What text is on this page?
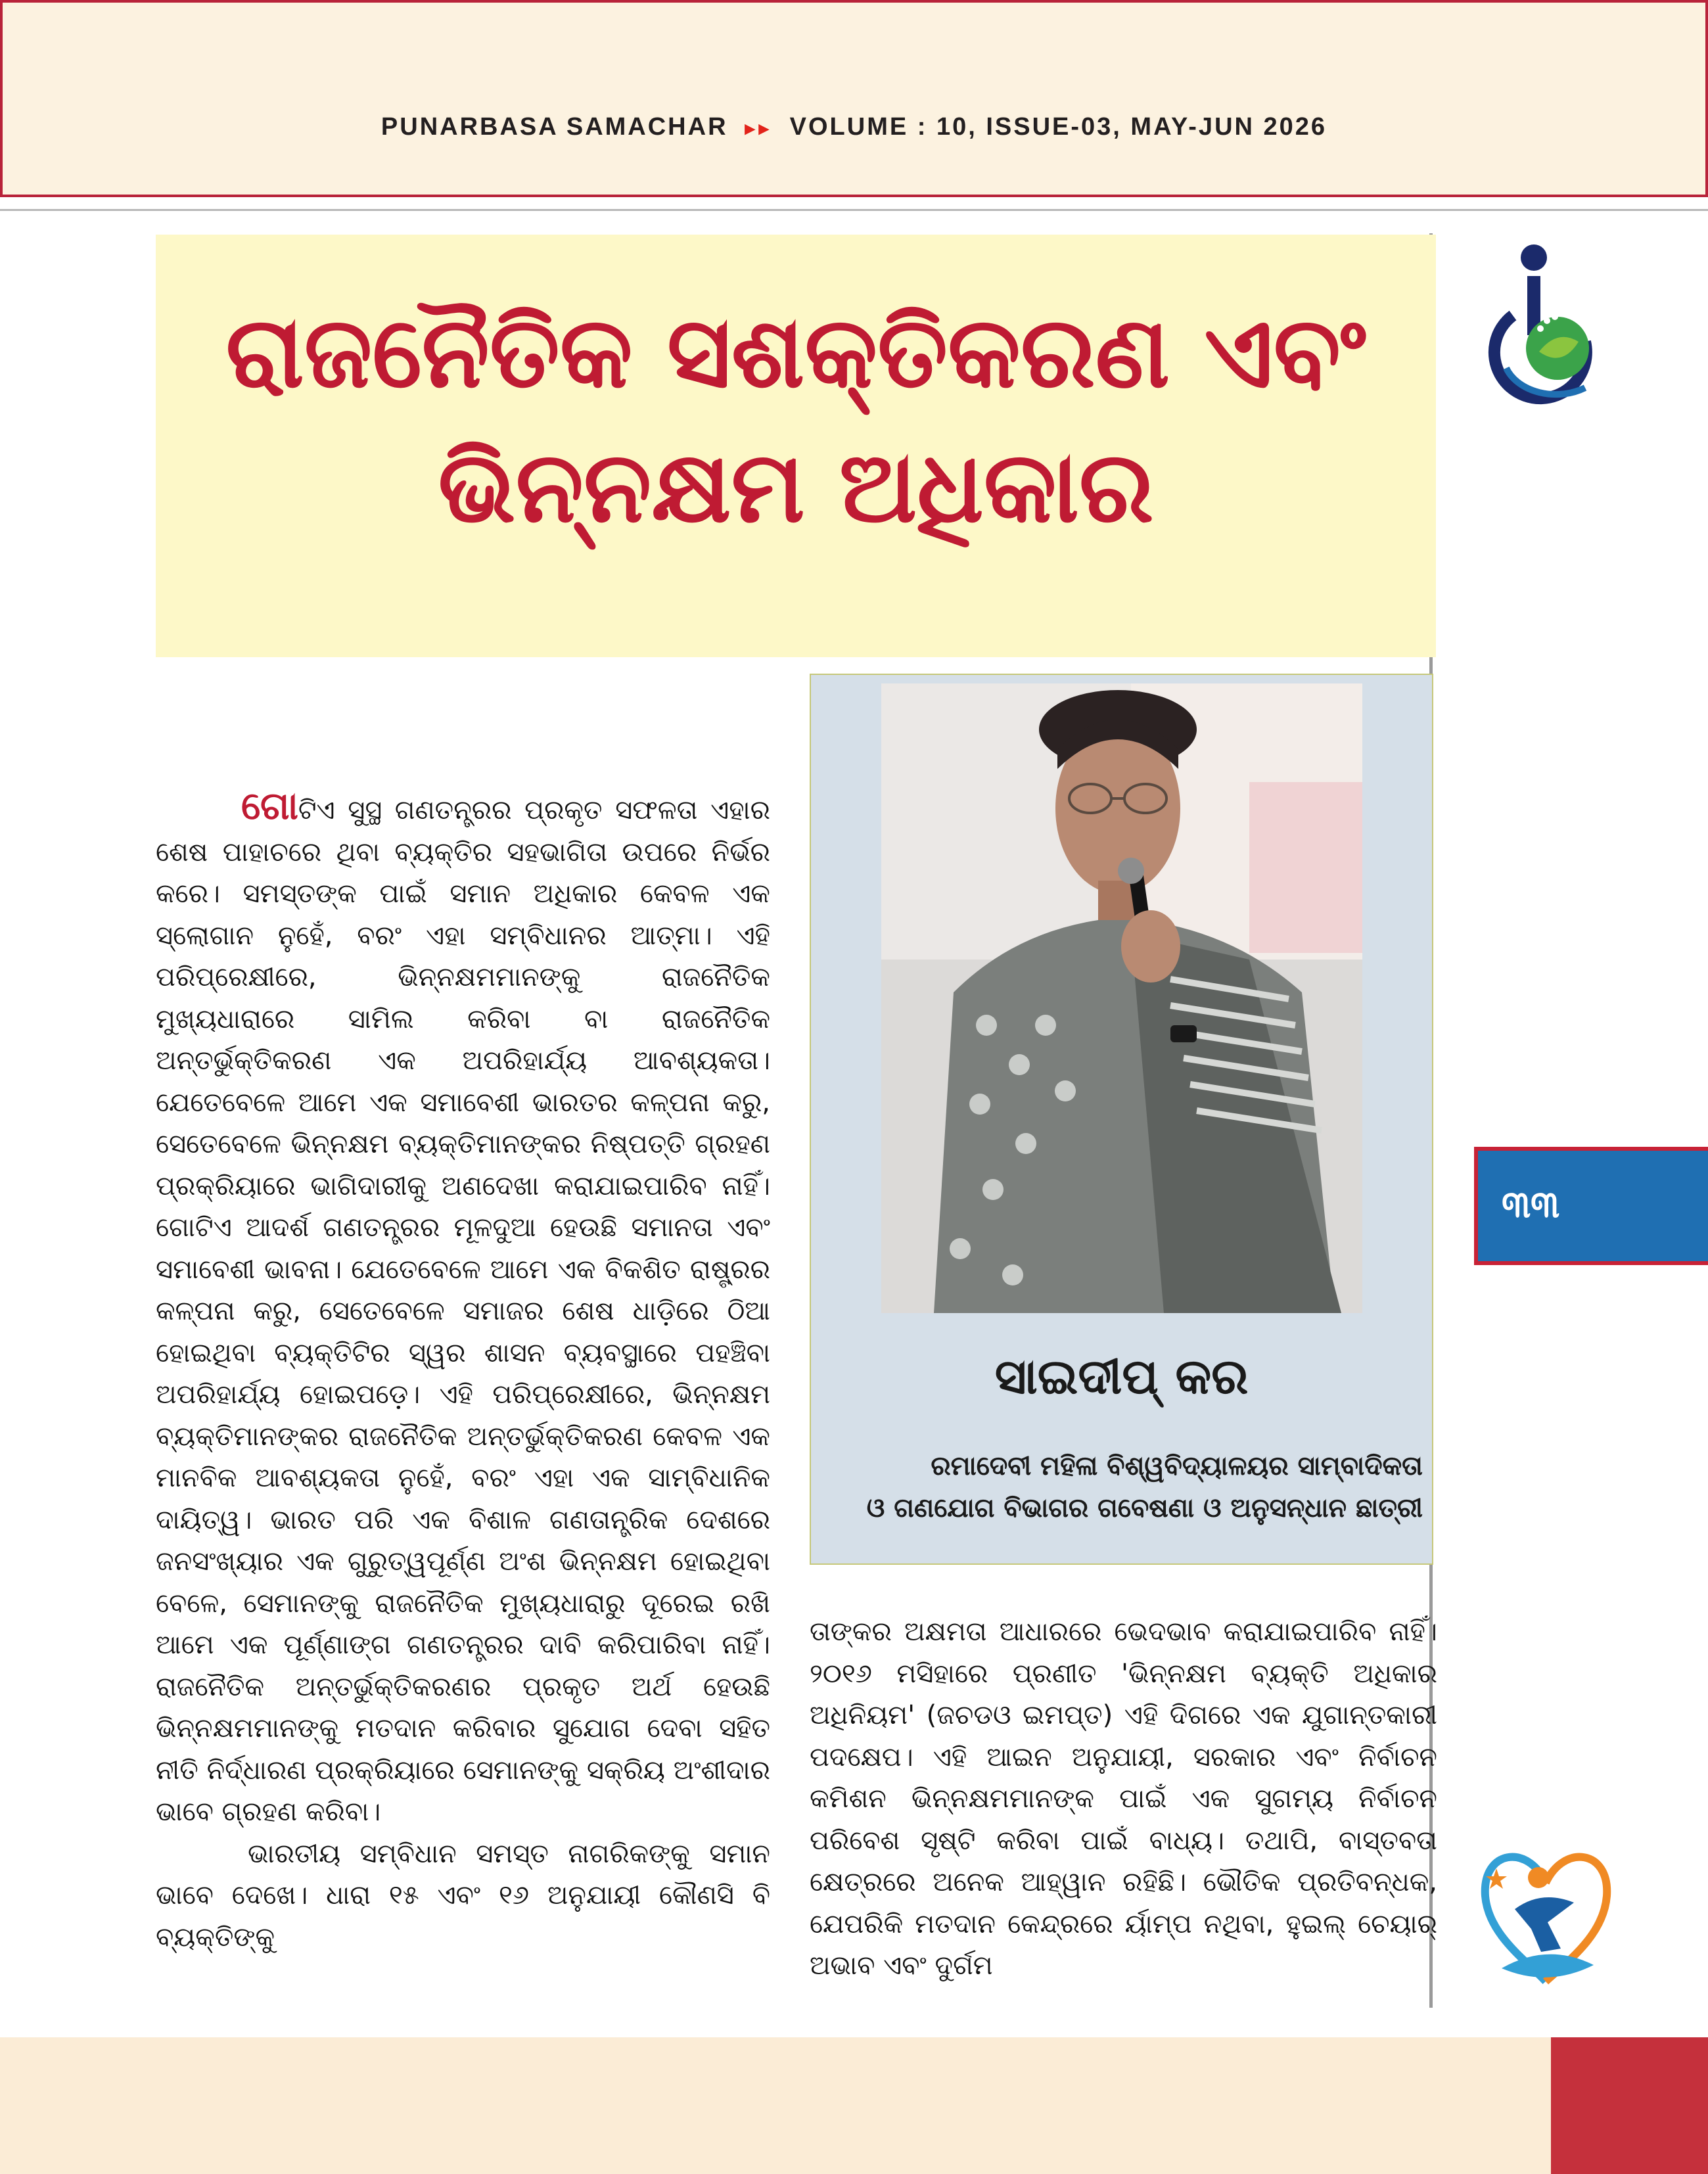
PUNARBASA SAMACHAR ▸▸ VOLUME : 10, ISSUE-03, MAY-JUN 2026
ରାଜନୈତିକ ସଶକ୍ତିକରଣ ଏବଂ
ଭିନ୍ନକ୍ଷମ ଅଧିକାର
୩୩
ସାଇଦୀପ୍ କର
ରମାଦେବୀ ମହିଳା ବିଶ୍ୱବିଦ୍ୟାଳୟର ସାମ୍ବାଦିକତା
ଓ ଗଣଯୋଗ ବିଭାଗର ଗବେଷଣା ଓ ଅନୁସନ୍ଧାନ ଛାତ୍ରୀ

ଗୋଟିଏ ସୁସ୍ଥ ଗଣତନ୍ତ୍ରର ପ୍ରକୃତ ସଫଳତା ଏହାର ଶେଷ ପାହାଚରେ ଥିବା ବ୍ୟକ୍ତିର ସହଭାଗିତା ଉପରେ ନିର୍ଭର କରେ। ସମସ୍ତଙ୍କ ପାଇଁ ସମାନ ଅଧିକାର କେବଳ ଏକ ସ୍ଲୋଗାନ ନୁହେଁ, ବରଂ ଏହା ସମ୍ବିଧାନର ଆତ୍ମା। ଏହି ପରିପ୍ରେକ୍ଷୀରେ, ଭିନ୍ନକ୍ଷମମାନଙ୍କୁ ରାଜନୈତିକ ମୁଖ୍ୟଧାରାରେ ସାମିଲ କରିବା ବା ରାଜନୈତିକ ଅନ୍ତର୍ଭୁକ୍ତିକରଣ ଏକ ଅପରିହାର୍ଯ୍ୟ ଆବଶ୍ୟକତା। ଯେତେବେଳେ ଆମେ ଏକ ସମାବେଶୀ ଭାରତର କଳ୍ପନା କରୁ, ସେତେବେଳେ ଭିନ୍ନକ୍ଷମ ବ୍ୟକ୍ତିମାନଙ୍କର ନିଷ୍ପତ୍ତି ଗ୍ରହଣ ପ୍ରକ୍ରିୟାରେ ଭାଗିଦାରୀକୁ ଅଣଦେଖା କରାଯାଇପାରିବ ନାହିଁ। ଗୋଟିଏ ଆଦର୍ଶ ଗଣତନ୍ତ୍ରର ମୂଳଦୁଆ ହେଉଛି ସମାନତା ଏବଂ ସମାବେଶୀ ଭାବନା। ଯେତେବେଳେ ଆମେ ଏକ ବିକଶିତ ରାଷ୍ଟ୍ରର କଳ୍ପନା କରୁ, ସେତେବେଳେ ସମାଜର ଶେଷ ଧାଡ଼ିରେ ଠିଆ ହୋଇଥିବା ବ୍ୟକ୍ତିଟିର ସ୍ୱର ଶାସନ ବ୍ୟବସ୍ଥାରେ ପହଞ୍ଚିବା ଅପରିହାର୍ଯ୍ୟ ହୋଇପଡ଼େ। ଏହି ପରିପ୍ରେକ୍ଷୀରେ, ଭିନ୍ନକ୍ଷମ ବ୍ୟକ୍ତିମାନଙ୍କର ରାଜନୈତିକ ଅନ୍ତର୍ଭୁକ୍ତିକରଣ କେବଳ ଏକ ମାନବିକ ଆବଶ୍ୟକତା ନୁହେଁ, ବରଂ ଏହା ଏକ ସାମ୍ବିଧାନିକ ଦାୟିତ୍ୱ। ଭାରତ ପରି ଏକ ବିଶାଳ ଗଣତାନ୍ତ୍ରିକ ଦେଶରେ ଜନସଂଖ୍ୟାର ଏକ ଗୁରୁତ୍ୱପୂର୍ଣ୍ଣ ଅଂଶ ଭିନ୍ନକ୍ଷମ ହୋଇଥିବା ବେଳେ, ସେମାନଙ୍କୁ ରାଜନୈତିକ ମୁଖ୍ୟଧାରାରୁ ଦୂରେଇ ରଖି ଆମେ ଏକ ପୂର୍ଣ୍ଣାଙ୍ଗ ଗଣତନ୍ତ୍ରର ଦାବି କରିପାରିବା ନାହିଁ। ରାଜନୈତିକ ଅନ୍ତର୍ଭୁକ୍ତିକରଣର ପ୍ରକୃତ ଅର୍ଥ ହେଉଛି ଭିନ୍ନକ୍ଷମମାନଙ୍କୁ ମତଦାନ କରିବାର ସୁଯୋଗ ଦେବା ସହିତ ନୀତି ନିର୍ଦ୍ଧାରଣ ପ୍ରକ୍ରିୟାରେ ସେମାନଙ୍କୁ ସକ୍ରିୟ ଅଂଶୀଦାର ଭାବେ ଗ୍ରହଣ କରିବା।

ଭାରତୀୟ ସମ୍ବିଧାନ ସମସ୍ତ ନାଗରିକଙ୍କୁ ସମାନ ଭାବେ ଦେଖେ। ଧାରା ୧୫ ଏବଂ ୧୬ ଅନୁଯାୟୀ କୌଣସି ବି ବ୍ୟକ୍ତିଙ୍କୁ

ତାଙ୍କର ଅକ୍ଷମତା ଆଧାରରେ ଭେଦଭାବ କରାଯାଇପାରିବ ନାହିଁ। ୨୦୧୬ ମସିହାରେ ପ୍ରଣୀତ 'ଭିନ୍ନକ୍ଷମ ବ୍ୟକ୍ତି ଅଧିକାର ଅଧିନିୟମ' (ଜଚଡଓ ଇମପ୍ତ) ଏହି ଦିଗରେ ଏକ ଯୁଗାନ୍ତକାରୀ ପଦକ୍ଷେପ। ଏହି ଆଇନ ଅନୁଯାୟୀ, ସରକାର ଏବଂ ନିର୍ବାଚନ କମିଶନ ଭିନ୍ନକ୍ଷମମାନଙ୍କ ପାଇଁ ଏକ ସୁଗମ୍ୟ ନିର୍ବାଚନ ପରିବେଶ ସୃଷ୍ଟି କରିବା ପାଇଁ ବାଧ୍ୟ। ତଥାପି, ବାସ୍ତବତା କ୍ଷେତ୍ରରେ ଅନେକ ଆହ୍ୱାନ ରହିଛି। ଭୌତିକ ପ୍ରତିବନ୍ଧକ, ଯେପରିକି ମତଦାନ କେନ୍ଦ୍ରରେ ର୍ୟାମ୍ପ ନଥିବା, ହୁଇଲ୍ ଚେୟାର୍ ଅଭାବ ଏବଂ ଦୁର୍ଗମ
